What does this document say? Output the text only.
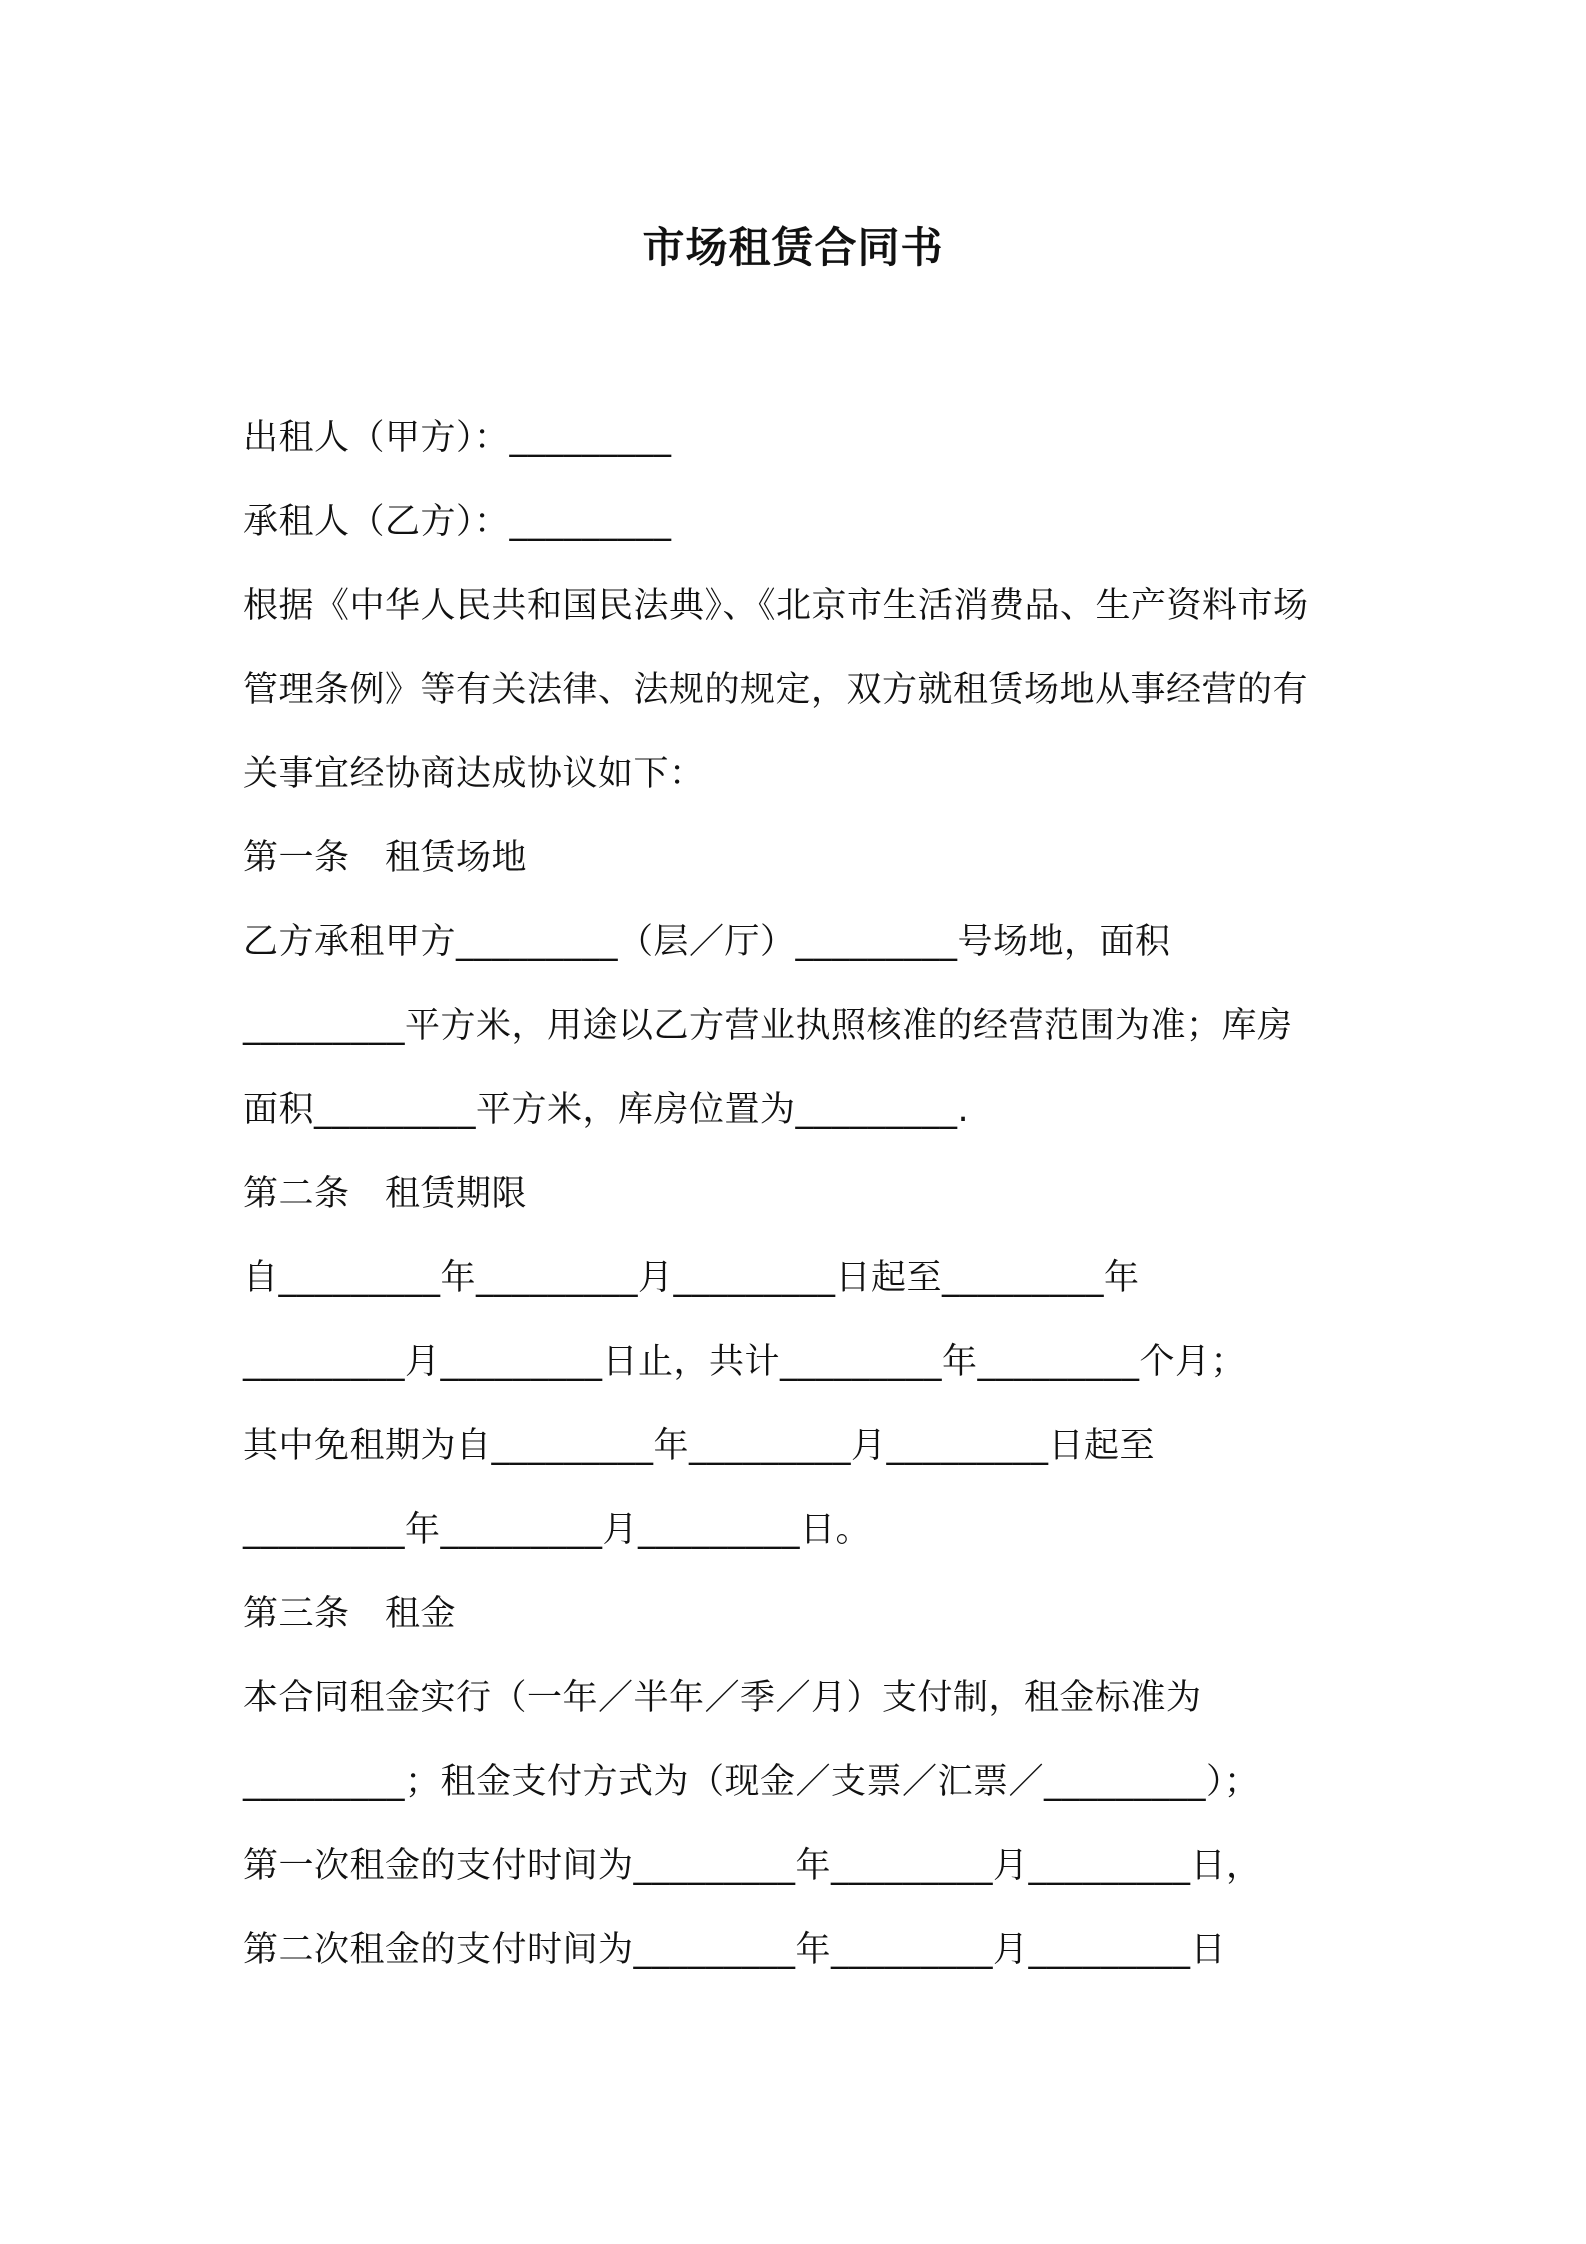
市场租赁合同书
出租人（甲方）：_________
承租人（乙方）：_________
根据《中华人民共和国民法典》、《北京市生活消费品、生产资料市场
管理条例》等有关法律、法规的规定，双方就租赁场地从事经营的有
关事宜经协商达成协议如下：
第一条　租赁场地
乙方承租甲方_________（层／厅）_________号场地，面积
_________平方米，用途以乙方营业执照核准的经营范围为准；库房
面积_________平方米，库房位置为_________.
第二条　租赁期限
自_________年_________月_________日起至_________年
_________月_________日止，共计_________年_________个月；
其中免租期为自_________年_________月_________日起至
_________年_________月_________日。
第三条　租金
本合同租金实行（一年／半年／季／月）支付制，租金标准为
_________；租金支付方式为（现金／支票／汇票／_________）；
第一次租金的支付时间为_________年_________月_________日，
第二次租金的支付时间为_________年_________月_________日
